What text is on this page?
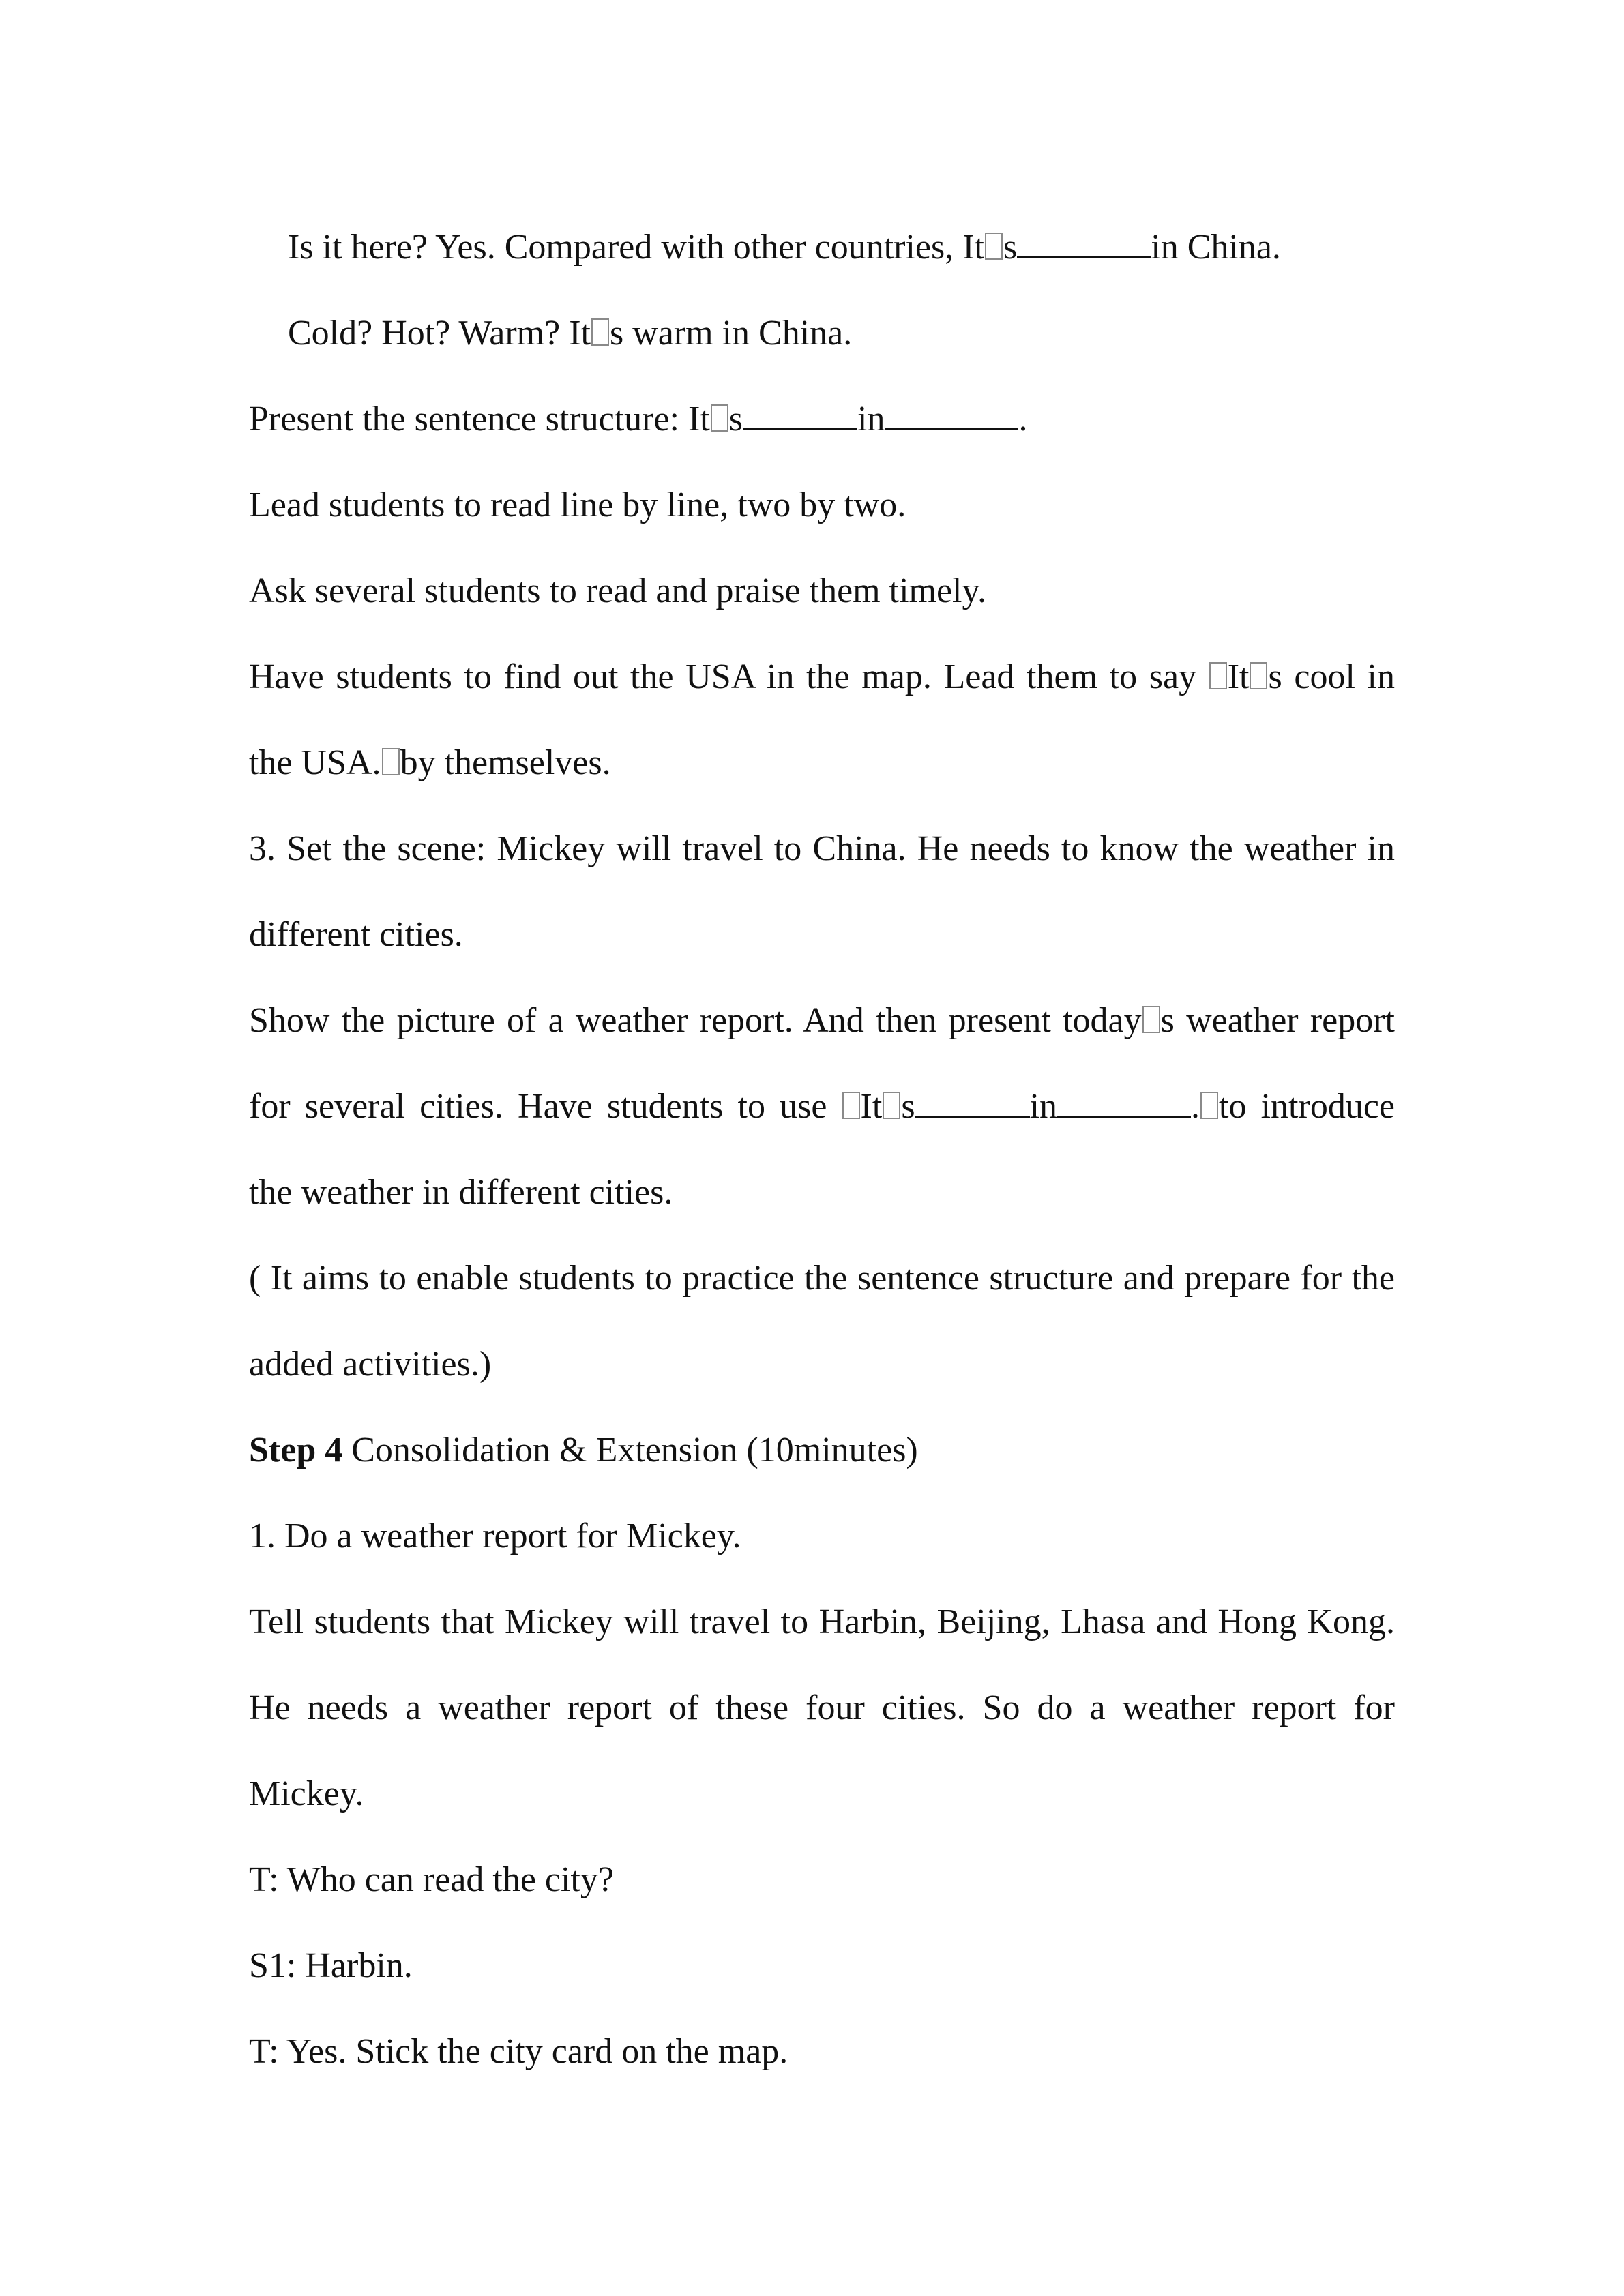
Is it here? Yes. Compared with other countries, It s	in China.

Cold? Hot? Warm? It s warm in China.

Present the sentence structure: It s	in	.

Lead students to read line by line, two by two.

Ask several students to read and praise them timely.

Have students to find out the USA in the map. Lead them to say It s cool in the USA. by themselves.

3. Set the scene: Mickey will travel to China. He needs to know the weather in different cities.

Show the picture of a weather report. And then present today s weather report for several cities. Have students to use It s	in	. to introduce the weather in different cities.

( It aims to enable students to practice the sentence structure and prepare for the added activities.)

Step 4 Consolidation & Extension (10minutes)

1. Do a weather report for Mickey.

Tell students that Mickey will travel to Harbin, Beijing, Lhasa and Hong Kong. He needs a weather report of these four cities. So do a weather report for Mickey.

T: Who can read the city?

S1: Harbin.

T: Yes. Stick the city card on the map.
